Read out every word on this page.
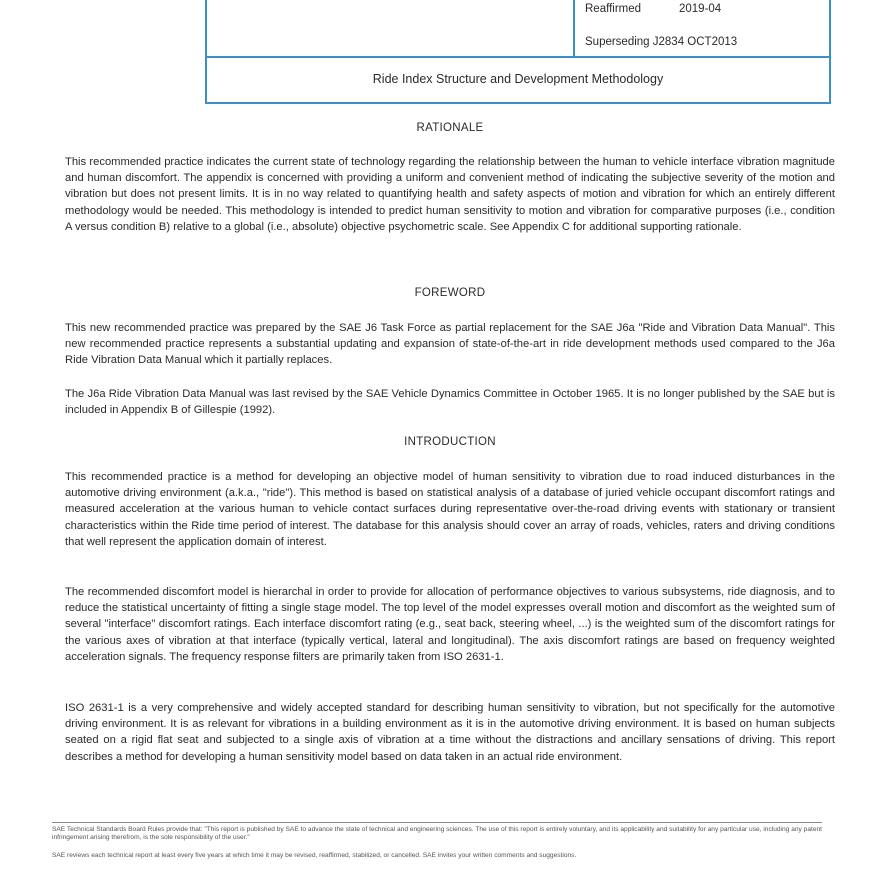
Reaffirmed	2019-04
Superseding J2834 OCT2013
Ride Index Structure and Development Methodology
RATIONALE

This recommended practice indicates the current state of technology regarding the relationship between the human to vehicle interface vibration magnitude and human discomfort. The appendix is concerned with providing a uniform and convenient method of indicating the subjective severity of the motion and vibration but does not present limits. It is in no way related to quantifying health and safety aspects of motion and vibration for which an entirely different methodology would be needed. This methodology is intended to predict human sensitivity to motion and vibration for comparative purposes (i.e., condition A versus condition B) relative to a global (i.e., absolute) objective psychometric scale. See Appendix C for additional supporting rationale.

FOREWORD

This new recommended practice was prepared by the SAE J6 Task Force as partial replacement for the SAE J6a "Ride and Vibration Data Manual". This new recommended practice represents a substantial updating and expansion of state-of-the-art in ride development methods used compared to the J6a Ride Vibration Data Manual which it partially replaces.

The J6a Ride Vibration Data Manual was last revised by the SAE Vehicle Dynamics Committee in October 1965. It is no longer published by the SAE but is included in Appendix B of Gillespie (1992).

INTRODUCTION

This recommended practice is a method for developing an objective model of human sensitivity to vibration due to road induced disturbances in the automotive driving environment (a.k.a., "ride"). This method is based on statistical analysis of a database of juried vehicle occupant discomfort ratings and measured acceleration at the various human to vehicle contact surfaces during representative over-the-road driving events with stationary or transient characteristics within the Ride time period of interest. The database for this analysis should cover an array of roads, vehicles, raters and driving conditions that well represent the application domain of interest.

The recommended discomfort model is hierarchal in order to provide for allocation of performance objectives to various subsystems, ride diagnosis, and to reduce the statistical uncertainty of fitting a single stage model. The top level of the model expresses overall motion and discomfort as the weighted sum of several "interface" discomfort ratings. Each interface discomfort rating (e.g., seat back, steering wheel, ...) is the weighted sum of the discomfort ratings for the various axes of vibration at that interface (typically vertical, lateral and longitudinal). The axis discomfort ratings are based on frequency weighted acceleration signals. The frequency response filters are primarily taken from ISO 2631-1.

ISO 2631-1 is a very comprehensive and widely accepted standard for describing human sensitivity to vibration, but not specifically for the automotive driving environment. It is as relevant for vibrations in a building environment as it is in the automotive driving environment. It is based on human subjects seated on a rigid flat seat and subjected to a single axis of vibration at a time without the distractions and ancillary sensations of driving. This report describes a method for developing a human sensitivity model based on data taken in an actual ride environment.

SAE Technical Standards Board Rules provide that: "This report is published by SAE to advance the state of technical and engineering sciences. The use of this report is entirely voluntary, and its applicability and suitability for any particular use, including any patent infringement arising therefrom, is the sole responsibility of the user."

SAE reviews each technical report at least every five years at which time it may be revised, reaffirmed, stabilized, or cancelled. SAE invites your written comments and suggestions.
